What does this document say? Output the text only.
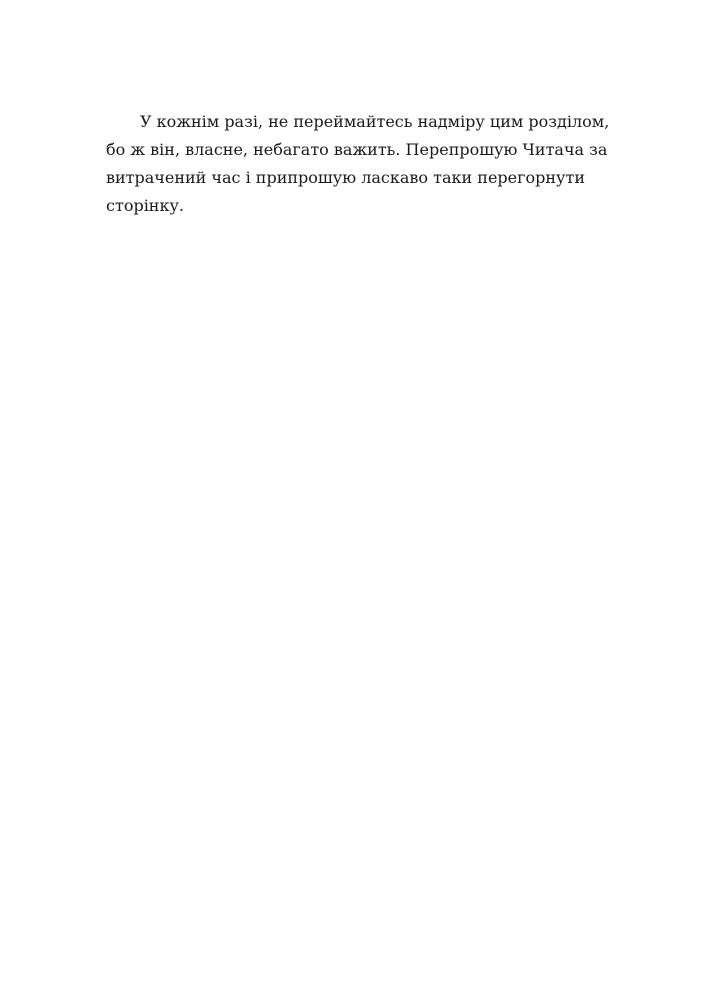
У кожнім разі, не переймайтесь надміру цим розділом,
бо ж він, власне, небагато важить. Перепрошую Читача за
витрачений час і припрошую ласкаво таки перегорнути
сторінку.
